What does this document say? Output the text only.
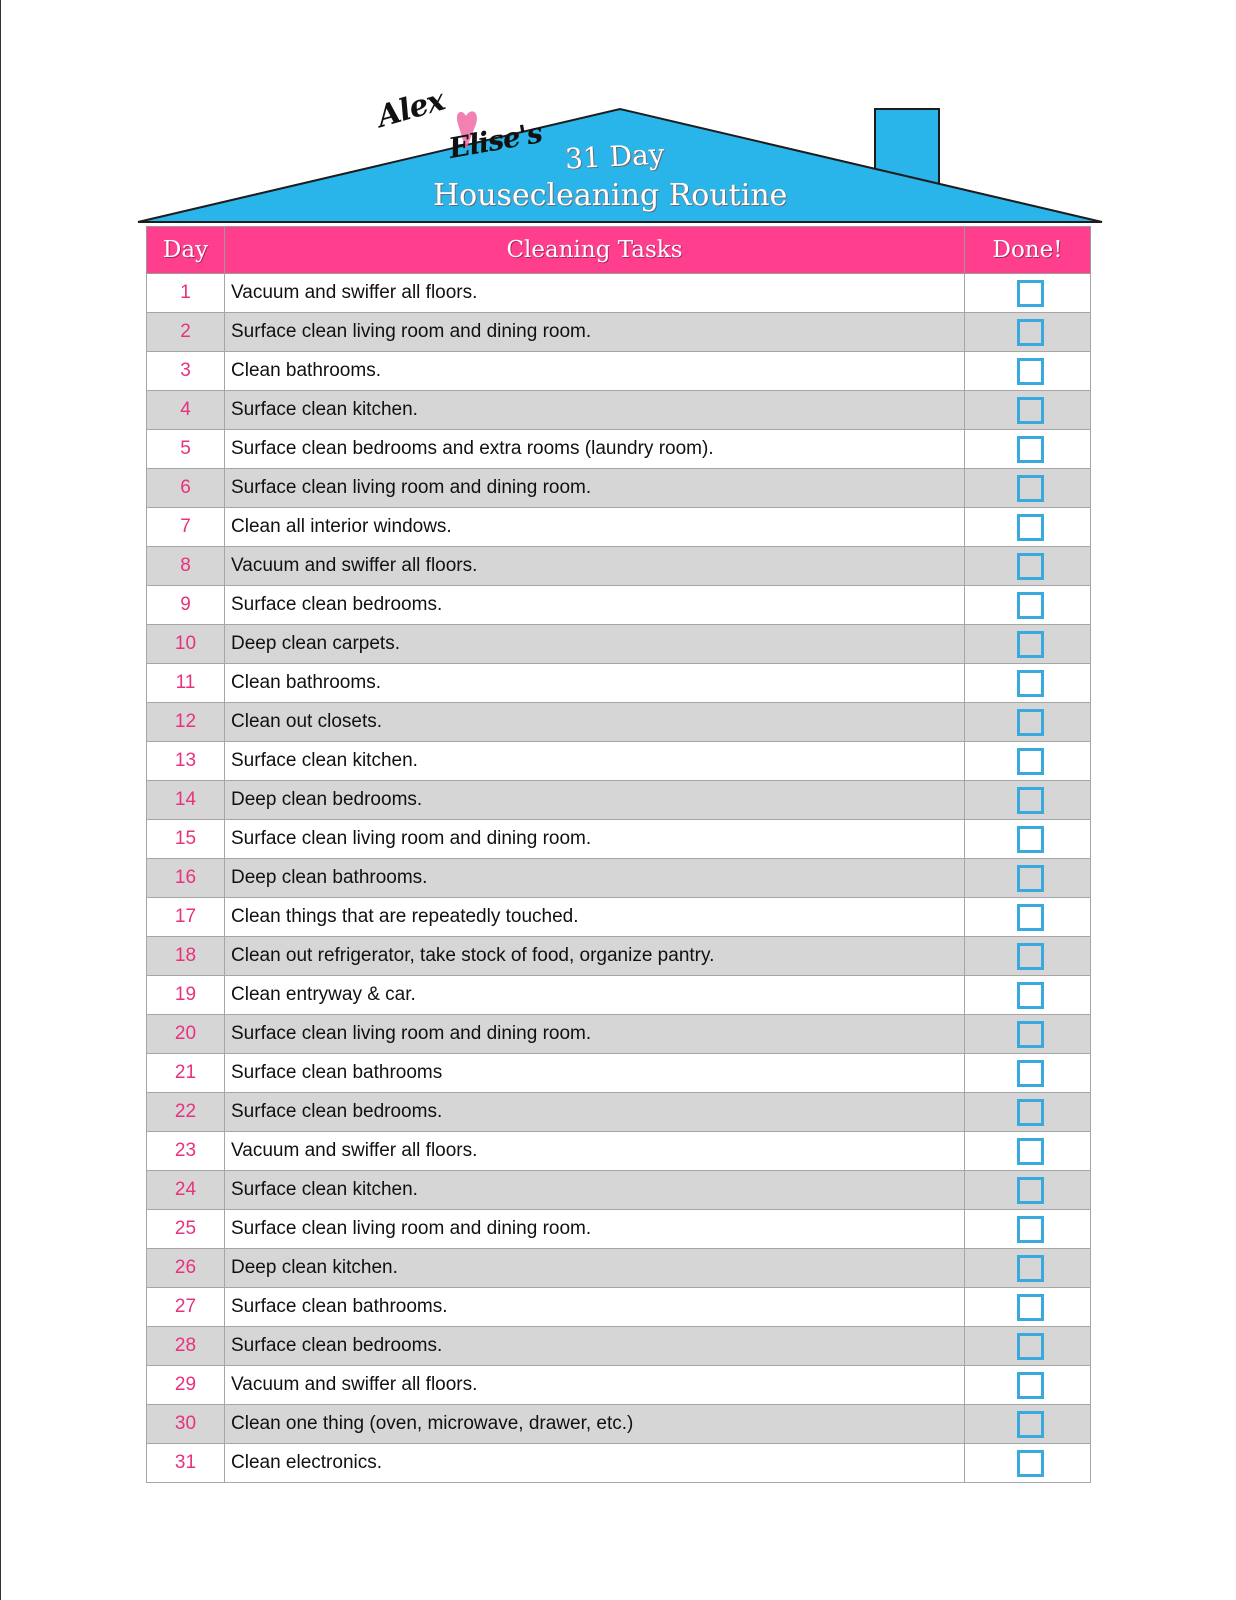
Alex
Elise's 31 Day
Housecleaning Routine
Day	Cleaning Tasks	Done!
1	Vacuum and swiffer all floors.	
2	Surface clean living room and dining room.	
3	Clean bathrooms.	
4	Surface clean kitchen.	
5	Surface clean bedrooms and extra rooms (laundry room).	
6	Surface clean living room and dining room.	
7	Clean all interior windows.	
8	Vacuum and swiffer all floors.	
9	Surface clean bedrooms.	
10	Deep clean carpets.	
11	Clean bathrooms.	
12	Clean out closets.	
13	Surface clean kitchen.	
14	Deep clean bedrooms.	
15	Surface clean living room and dining room.	
16	Deep clean bathrooms.	
17	Clean things that are repeatedly touched.	
18	Clean out refrigerator, take stock of food, organize pantry.	
19	Clean entryway & car.	
20	Surface clean living room and dining room.	
21	Surface clean bathrooms	
22	Surface clean bedrooms.	
23	Vacuum and swiffer all floors.	
24	Surface clean kitchen.	
25	Surface clean living room and dining room.	
26	Deep clean kitchen.	
27	Surface clean bathrooms.	
28	Surface clean bedrooms.	
29	Vacuum and swiffer all floors.	
30	Clean one thing (oven, microwave, drawer, etc.)	
31	Clean electronics.	
